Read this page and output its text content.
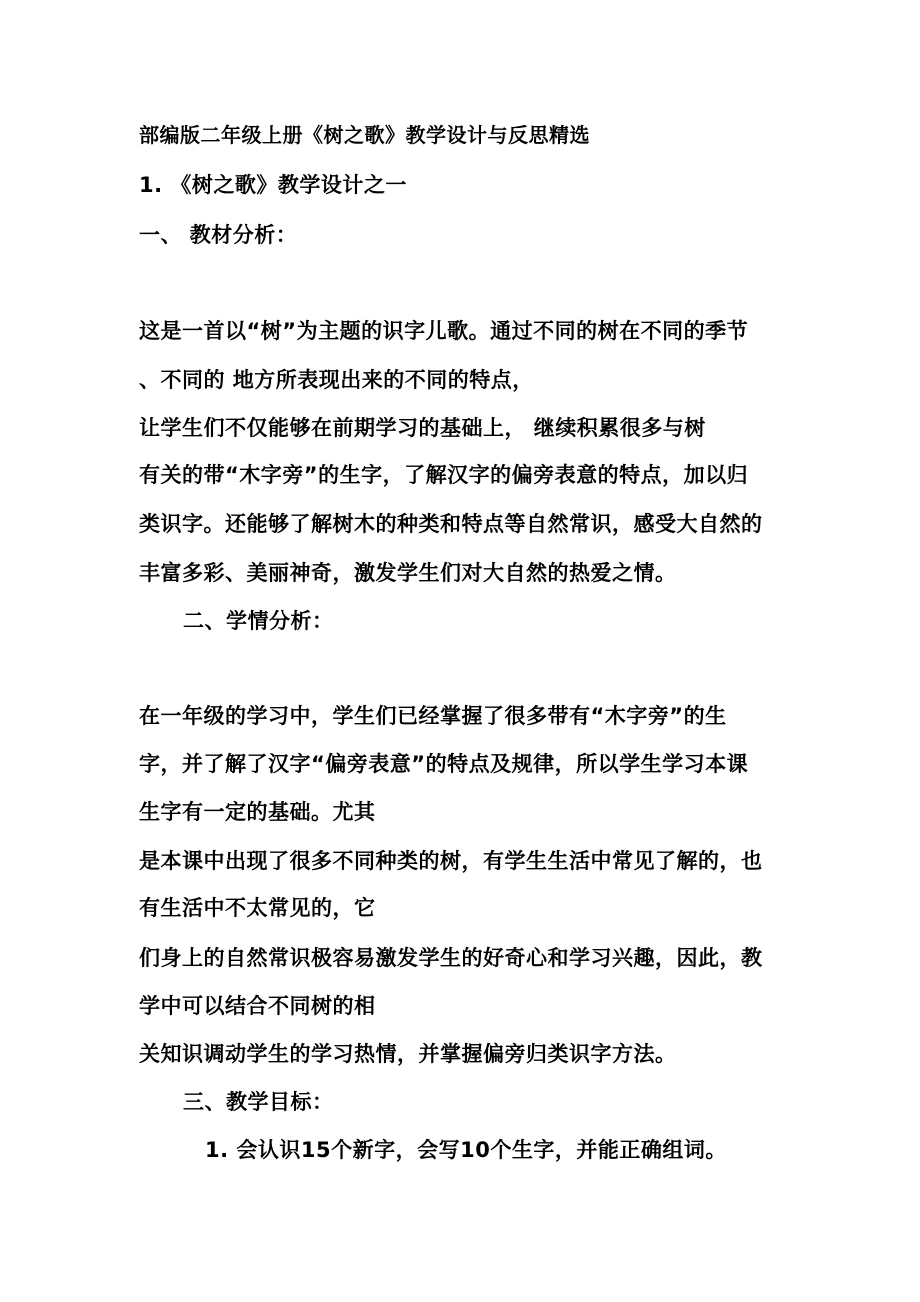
部编版二年级上册《树之歌》教学设计与反思精选
1. 《树之歌》教学设计之一
一、 教材分析：
这是一首以“树”为主题的识字儿歌。通过不同的树在不同的季节
、不同的 地方所表现出来的不同的特点，
让学生们不仅能够在前期学习的基础上， 继续积累很多与树
有关的带“木字旁”的生字，了解汉字的偏旁表意的特点，加以归
类识字。还能够了解树木的种类和特点等自然常识，感受大自然的
丰富多彩、美丽神奇，激发学生们对大自然的热爱之情。
二、学情分析：
在一年级的学习中，学生们已经掌握了很多带有“木字旁”的生
字，并了解了汉字“偏旁表意”的特点及规律，所以学生学习本课
生字有一定的基础。尤其
是本课中出现了很多不同种类的树，有学生生活中常见了解的，也
有生活中不太常见的，它
们身上的自然常识极容易激发学生的好奇心和学习兴趣，因此，教
学中可以结合不同树的相
关知识调动学生的学习热情，并掌握偏旁归类识字方法。
三、教学目标：
1. 会认识15个新字，会写10个生字，并能正确组词。
